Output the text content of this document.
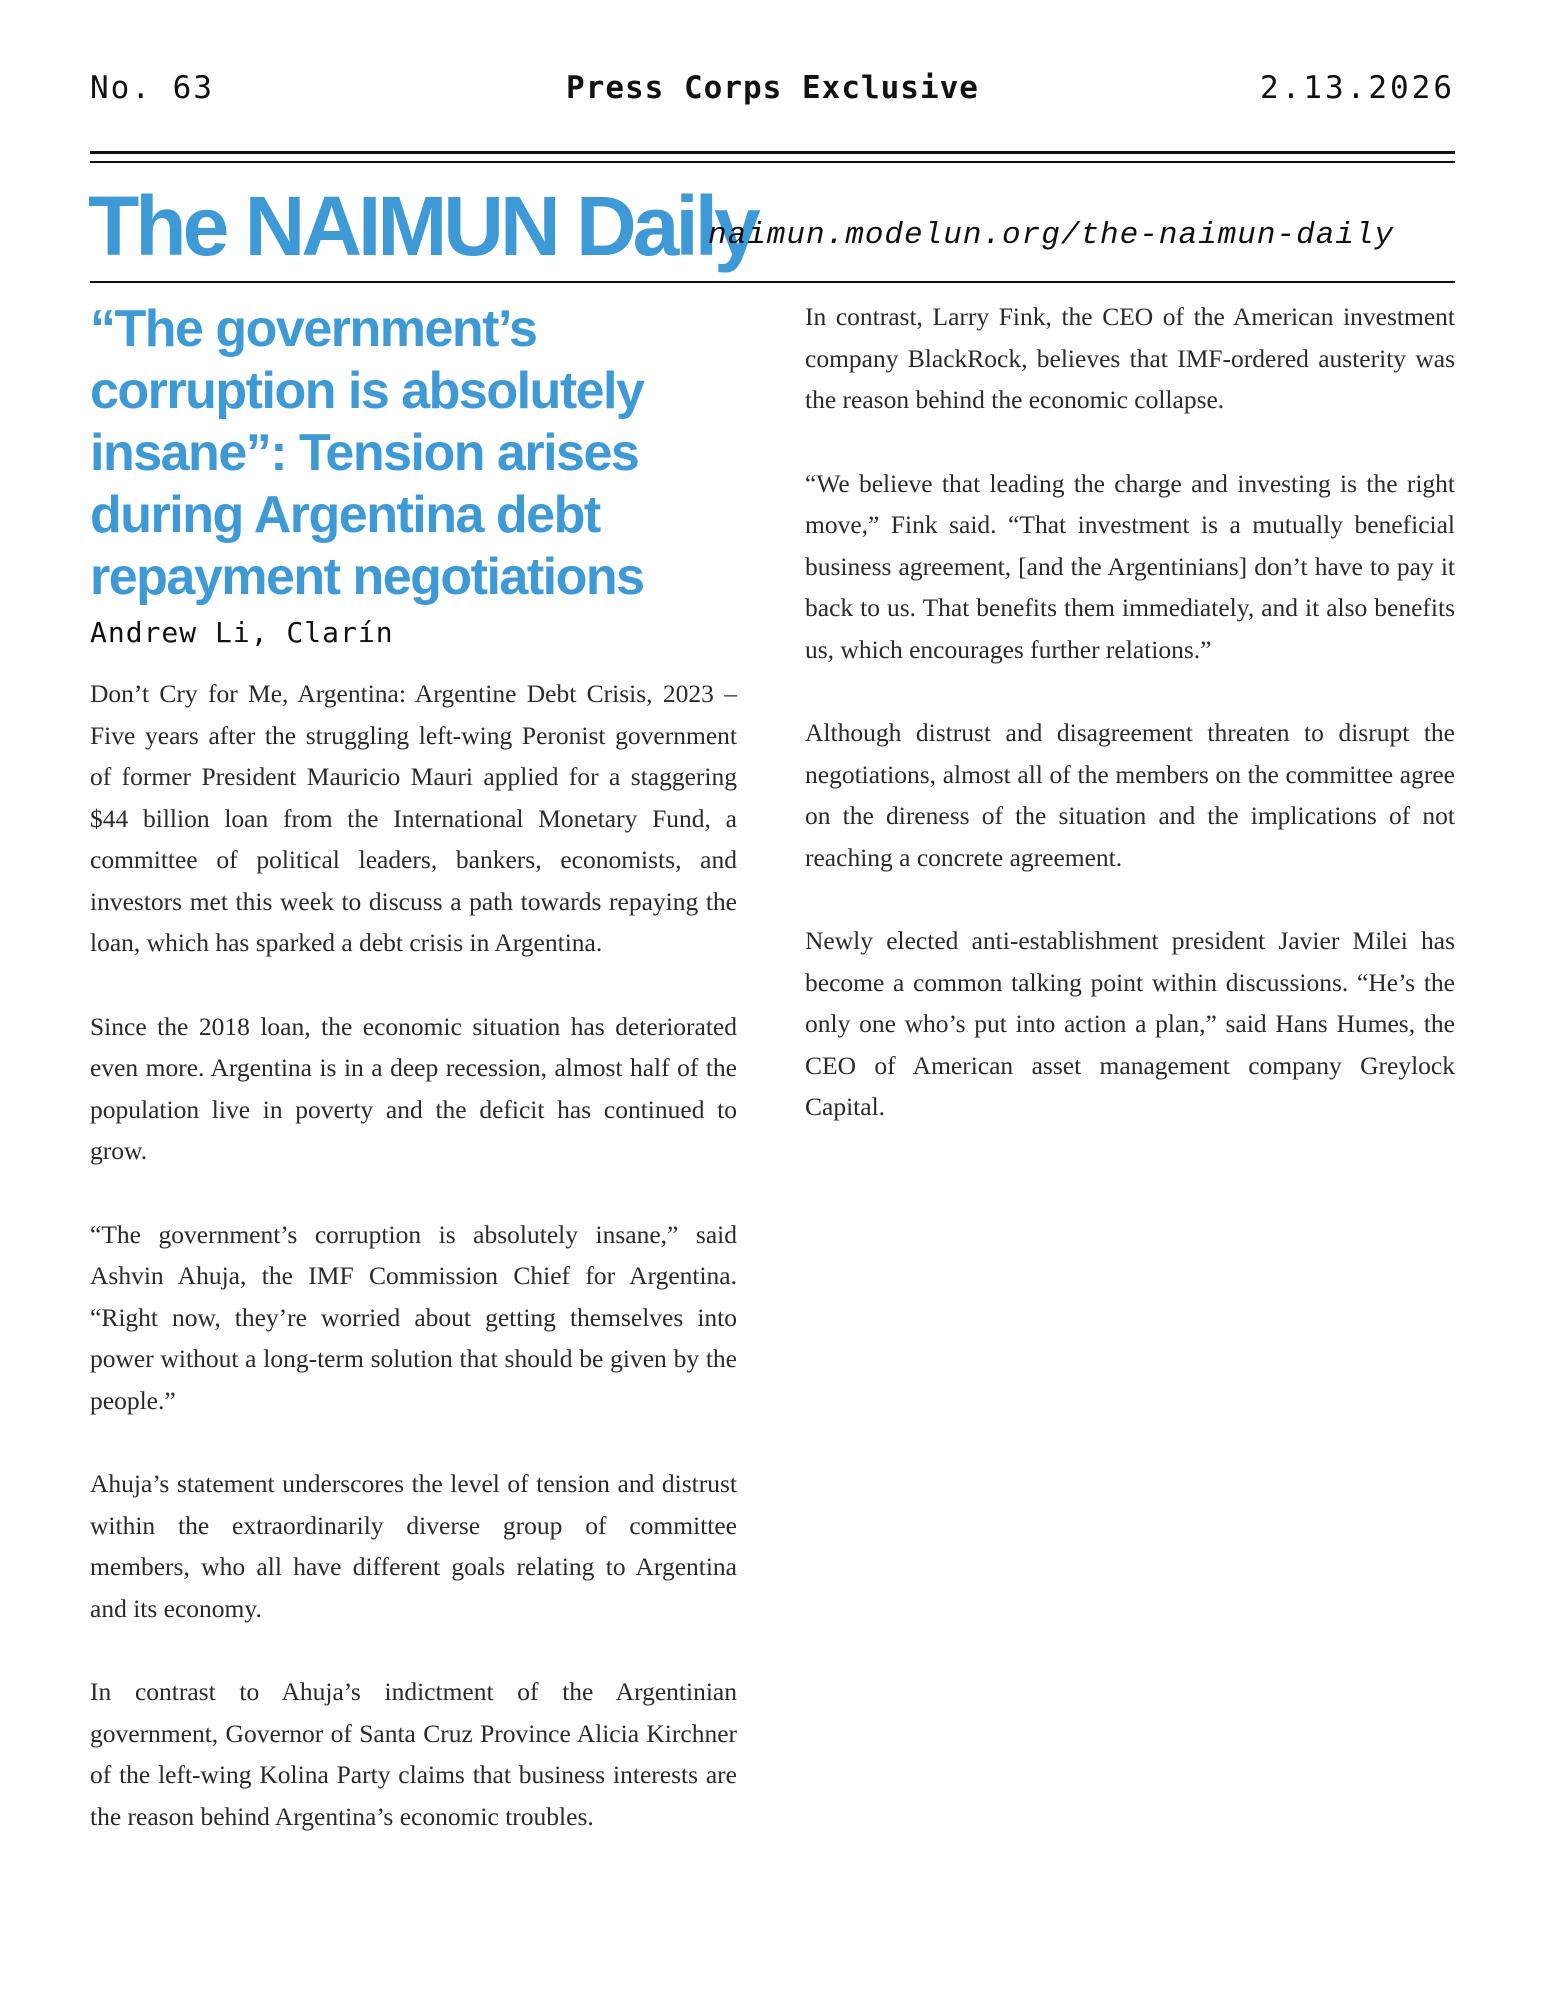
No. 63	Press Corps Exclusive	2.13.2026
The NAIMUN Daily
naimun.modelun.org/the-naimun-daily
“The government’s corruption is absolutely insane”: Tension arises during Argentina debt repayment negotiations
Andrew Li, Clarín

Don’t Cry for Me, Argentina: Argentine Debt Crisis, 2023 – Five years after the struggling left-wing Peronist government of former President Mauricio Mauri applied for a staggering $44 billion loan from the International Monetary Fund, a committee of political leaders, bankers, economists, and investors met this week to discuss a path towards repaying the loan, which has sparked a debt crisis in Argentina.

Since the 2018 loan, the economic situation has deteriorated even more. Argentina is in a deep recession, almost half of the population live in poverty and the deficit has continued to grow.

“The government’s corruption is absolutely insane,” said Ashvin Ahuja, the IMF Commission Chief for Argentina. “Right now, they’re worried about getting themselves into power without a long-term solution that should be given by the people.”

Ahuja’s statement underscores the level of tension and distrust within the extraordinarily diverse group of committee members, who all have different goals relating to Argentina and its economy.

In contrast to Ahuja’s indictment of the Argentinian government, Governor of Santa Cruz Province Alicia Kirchner of the left-wing Kolina Party claims that business interests are the reason behind Argentina’s economic troubles.

In contrast, Larry Fink, the CEO of the American investment company BlackRock, believes that IMF-ordered austerity was the reason behind the economic collapse.

“We believe that leading the charge and investing is the right move,” Fink said. “That investment is a mutually beneficial business agreement, [and the Argentinians] don’t have to pay it back to us. That benefits them immediately, and it also benefits us, which encourages further relations.”

Although distrust and disagreement threaten to disrupt the negotiations, almost all of the members on the committee agree on the direness of the situation and the implications of not reaching a concrete agreement.

Newly elected anti-establishment president Javier Milei has become a common talking point within discussions. “He’s the only one who’s put into action a plan,” said Hans Humes, the CEO of American asset management company Greylock Capital.
